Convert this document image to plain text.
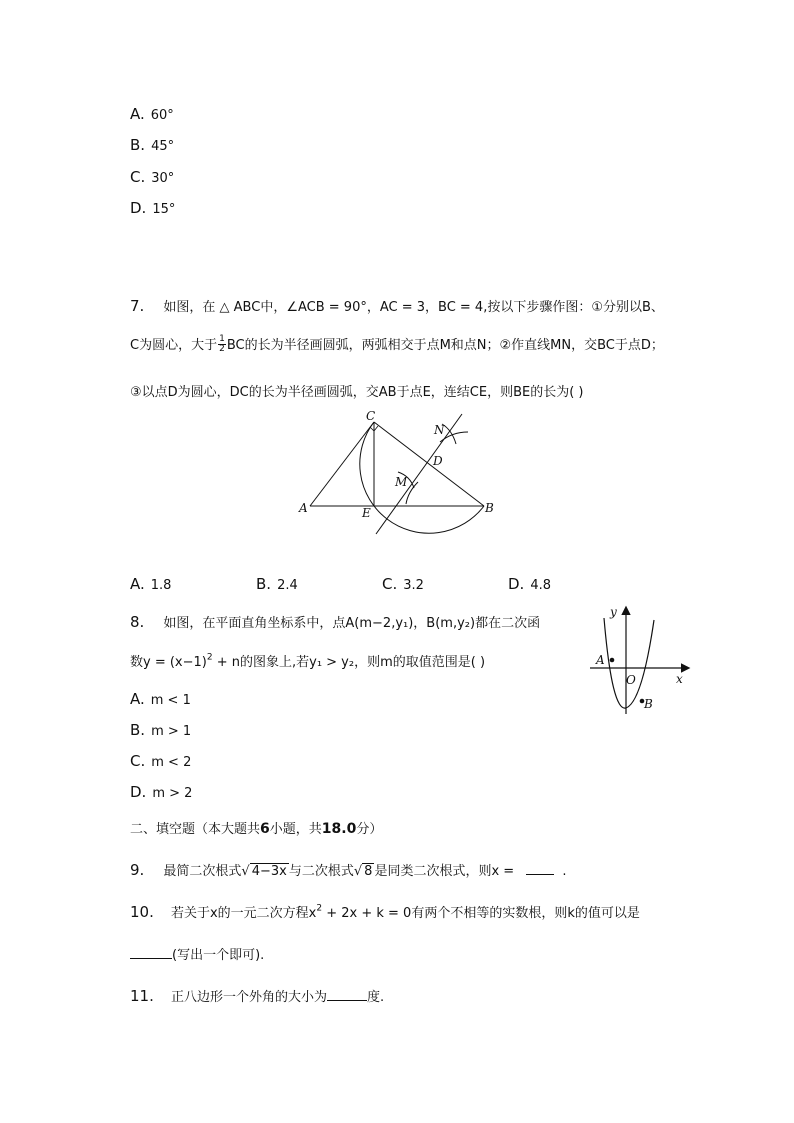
A. 60°
B. 45°
C. 30°
D. 15°
7. 如图，在 △ ABC中，∠ACB = 90°，AC = 3，BC = 4,按以下步骤作图：①分别以B、
C为圆心，大于 $\frac{1}{2}$ BC的长为半径画圆弧，两弧相交于点M和点N；②作直线MN，交BC于点D；
③以点D为圆心，DC的长为半径画圆弧，交AB于点E，连结CE，则BE的长为( )
C
N
D
M
A	E	B
A. 1.8	B. 2.4	C. 3.2	D. 4.8
8. 如图，在平面直角坐标系中，点A(m−2,y₁)，B(m,y₂)都在二次函
数$y = (x-1)^2 + n$的图象上,若y₁ > y₂，则m的取值范围是( )
y
x
O
A
B
A. m < 1
B. m > 1
C. m < 2
D. m > 2
二、填空题（本大题共6小题，共18.0分）
9. 最简二次根式√ 4−3x 与二次根式√ 8 是同类二次根式，则x =	.
10. 若关于x的一元二次方程$x^2 + 2x + k = 0$有两个不相等的实数根，则k的值可以是
(写出一个即可).
11. 正八边形一个外角的大小为	度.
